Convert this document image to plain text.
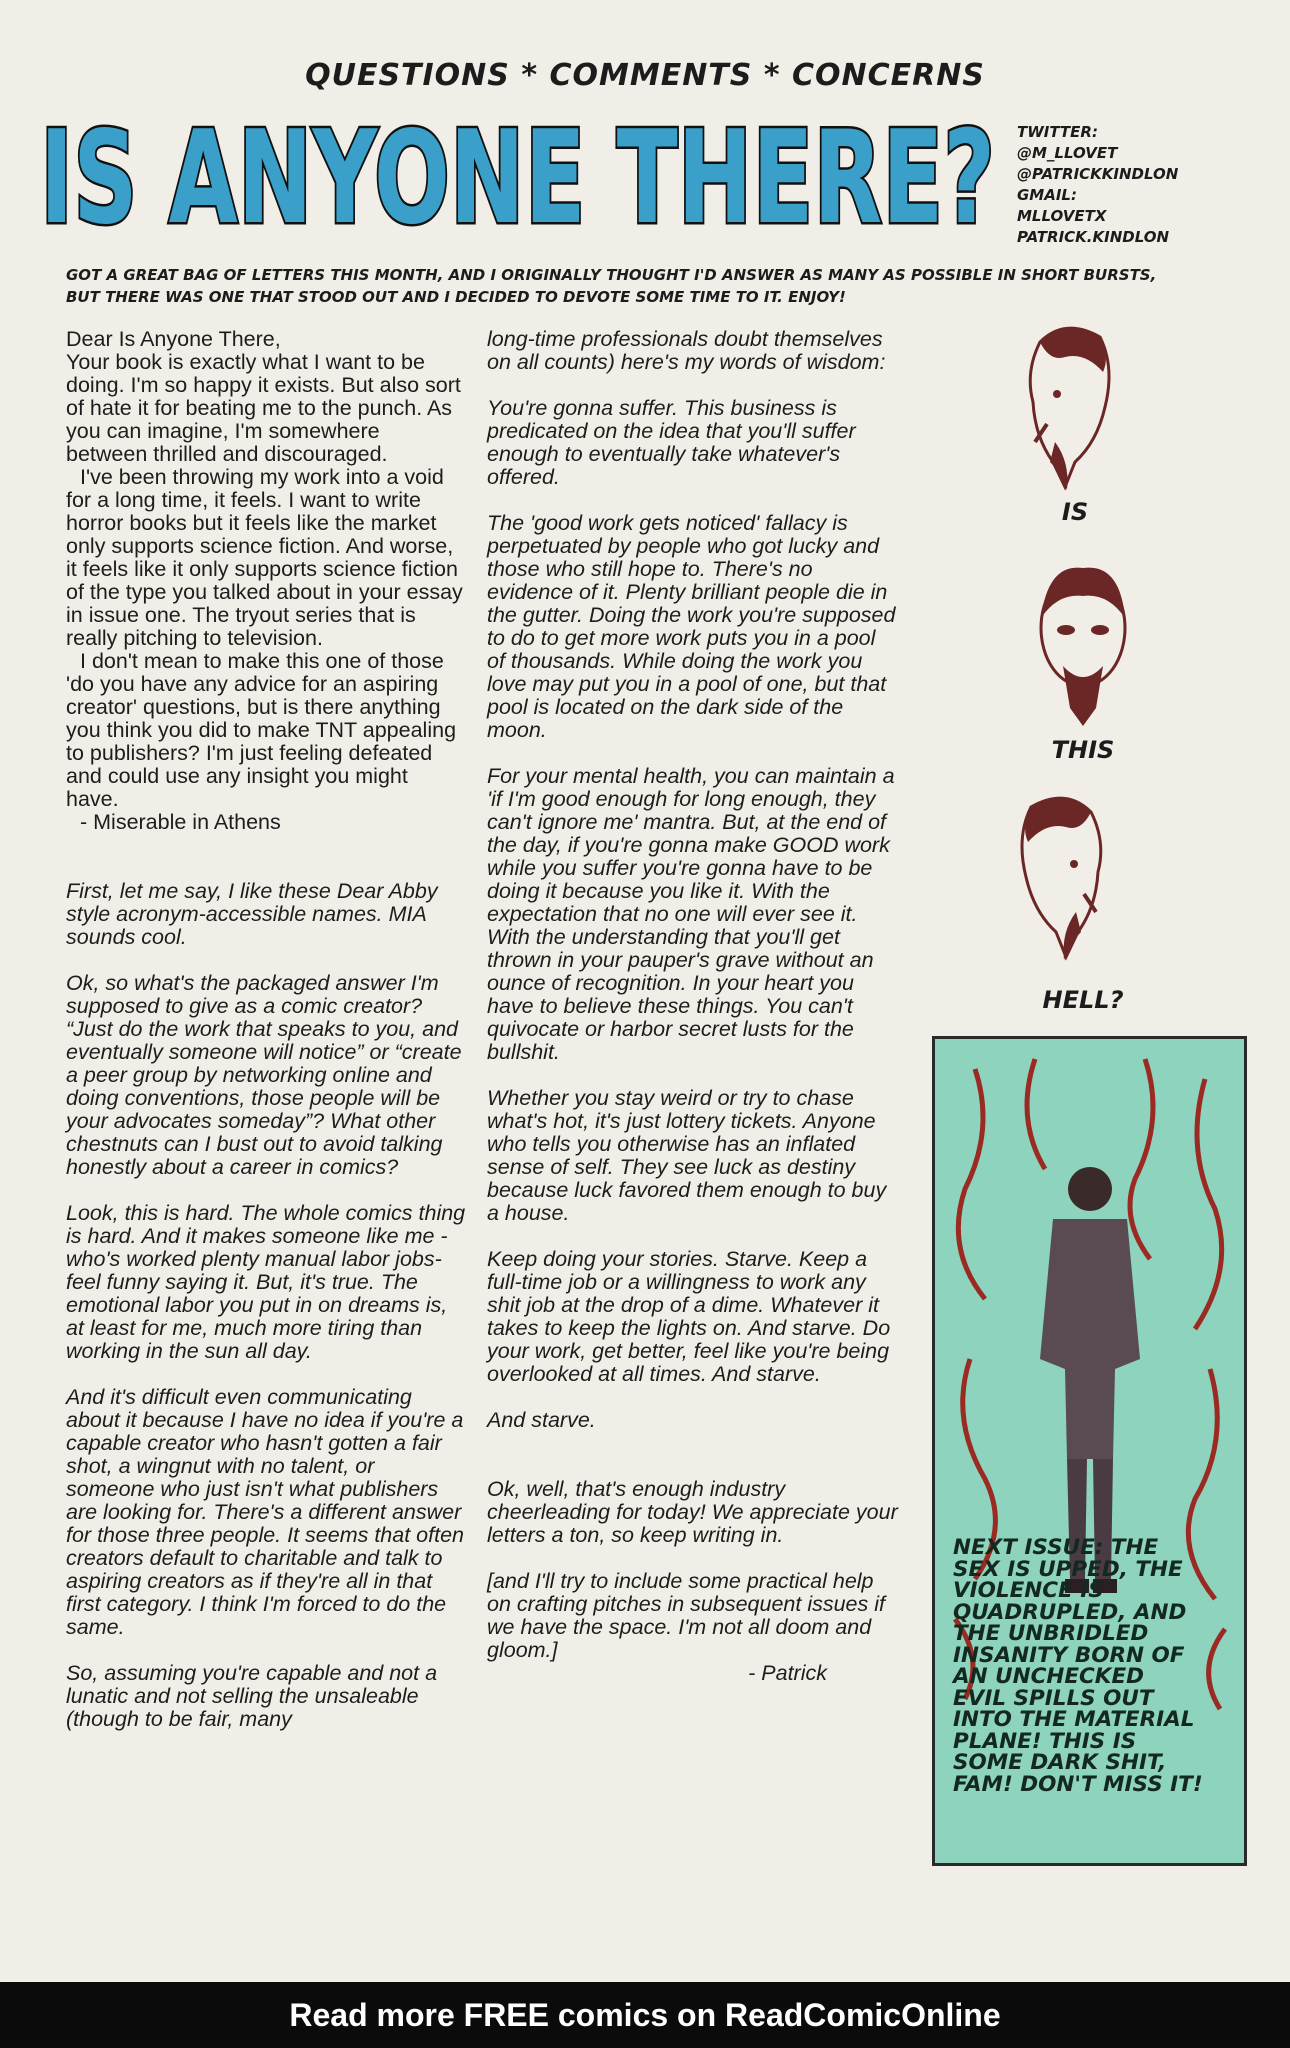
QUESTIONS * COMMENTS * CONCERNS
IS ANYONE THERE? TWITTER:
@M_LLOVET
@PATRICKKINDLON
GMAIL:
MLLOVETX
PATRICK.KINDLON
GOT A GREAT BAG OF LETTERS THIS MONTH, AND I ORIGINALLY THOUGHT I'D ANSWER AS MANY AS POSSIBLE IN SHORT BURSTS, BUT THERE WAS ONE THAT STOOD OUT AND I DECIDED TO DEVOTE SOME TIME TO IT. ENJOY!

Dear Is Anyone There,

Your book is exactly what I want to be doing. I'm so happy it exists. But also sort of hate it for beating me to the punch. As you can imagine, I'm somewhere between thrilled and discouraged.

I've been throwing my work into a void for a long time, it feels. I want to write horror books but it feels like the market only supports science fiction. And worse, it feels like it only supports science fiction of the type you talked about in your essay in issue one. The tryout series that is really pitching to television.

I don't mean to make this one of those 'do you have any advice for an aspiring creator' questions, but is there anything you think you did to make TNT appealing to publishers? I'm just feeling defeated and could use any insight you might have.

- Miserable in Athens

First, let me say, I like these Dear Abby style acronym-accessible names. MIA sounds cool.

Ok, so what's the packaged answer I'm supposed to give as a comic creator? “Just do the work that speaks to you, and eventually someone will notice” or “create a peer group by networking online and doing conventions, those people will be your advocates someday”? What other chestnuts can I bust out to avoid talking honestly about a career in comics?

Look, this is hard. The whole comics thing is hard. And it makes someone like me -who's worked plenty manual labor jobs- feel funny saying it. But, it's true. The emotional labor you put in on dreams is, at least for me, much more tiring than working in the sun all day.

And it's difficult even communicating about it because I have no idea if you're a capable creator who hasn't gotten a fair shot, a wingnut with no talent, or someone who just isn't what publishers are looking for. There's a different answer for those three people. It seems that often creators default to charitable and talk to aspiring creators as if they're all in that first category. I think I'm forced to do the same.

So, assuming you're capable and not a lunatic and not selling the unsaleable (though to be fair, many

long-time professionals doubt themselves on all counts) here's my words of wisdom:

You're gonna suffer. This business is predicated on the idea that you'll suffer enough to eventually take whatever's offered.

The 'good work gets noticed' fallacy is perpetuated by people who got lucky and those who still hope to. There's no evidence of it. Plenty brilliant people die in the gutter. Doing the work you're supposed to do to get more work puts you in a pool of thousands. While doing the work you love may put you in a pool of one, but that pool is located on the dark side of the moon.

For your mental health, you can maintain a 'if I'm good enough for long enough, they can't ignore me' mantra. But, at the end of the day, if you're gonna make GOOD work while you suffer you're gonna have to be doing it because you like it. With the expectation that no one will ever see it. With the understanding that you'll get thrown in your pauper's grave without an ounce of recognition. In your heart you have to believe these things. You can't quivocate or harbor secret lusts for the bullshit.

Whether you stay weird or try to chase what's hot, it's just lottery tickets. Anyone who tells you otherwise has an inflated sense of self. They see luck as destiny because luck favored them enough to buy a house.

Keep doing your stories. Starve. Keep a full-time job or a willingness to work any shit job at the drop of a dime. Whatever it takes to keep the lights on. And starve. Do your work, get better, feel like you're being overlooked at all times. And starve.

And starve.

Ok, well, that's enough industry cheerleading for today! We appreciate your letters a ton, so keep writing in.

[and I'll try to include some practical help on crafting pitches in subsequent issues if we have the space. I'm not all doom and gloom.]

- Patrick

IS
THIS
HELL?
NEXT ISSUE: THE SEX IS UPPED, THE VIOLENCE IS QUADRUPLED, AND THE UNBRIDLED INSANITY BORN OF AN UNCHECKED EVIL SPILLS OUT INTO THE MATERIAL PLANE! THIS IS SOME DARK SHIT, FAM! DON'T MISS IT!
Read more FREE comics on ReadComicOnline
